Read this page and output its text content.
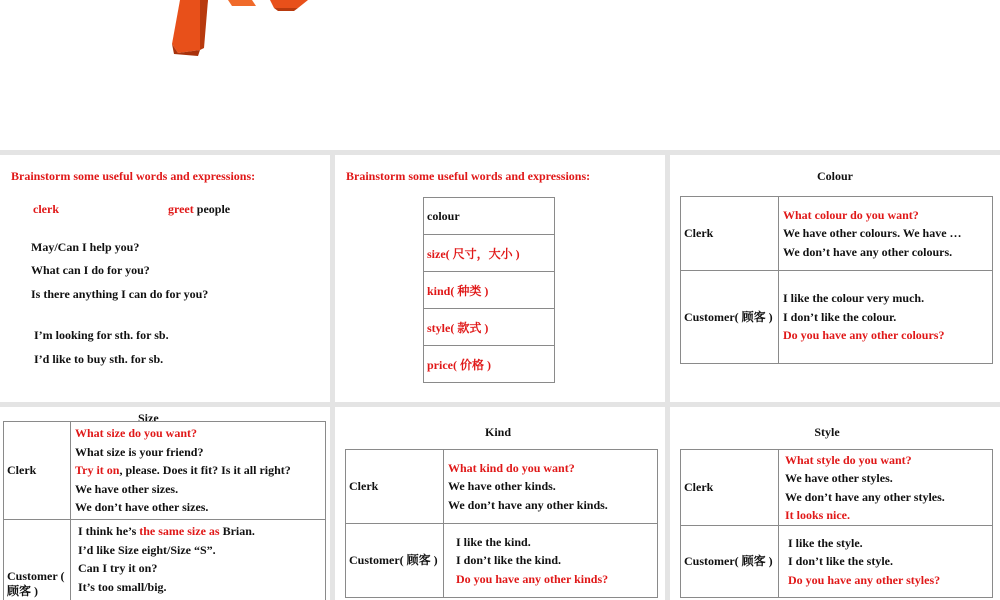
Brainstorm some useful words and expressions:
clerk	greet people
May/Can I help you?
What can I do for you?
Is there anything I can do for you?
I’m looking for sth. for sb.
I’d like to buy sth. for sb.
Brainstorm some useful words and expressions:
colour
size( 尺寸，大小 )
kind( 种类 )
style( 款式 )
price( 价格 )
Colour
Clerk	What colour do you want?
We have other colours. We have …
We don’t have any other colours.

Customer( 顾客 )	I like the colour very much.
I don’t like the colour.
Do you have any other colours?
Size
Clerk	What size do you want?
What size is your friend?
Try it on, please. Does it fit? Is it all right?
We have other sizes.
We don’t have other sizes.

Customer ( 顾客 )	I think he’s the same size as Brian.
I’d like Size eight/Size “S”.
Can I try it on?
It’s too small/big.
Kind
Clerk	What kind do you want?
We have other kinds.
We don’t have any other kinds.

Customer( 顾客 )	I like the kind.
I don’t like the kind.
Do you have any other kinds?
Style
Clerk	What style do you want?
We have other styles.
We don’t have any other styles.
It looks nice.

Customer( 顾客 )	I like the style.
I don’t like the style.
Do you have any other styles?
